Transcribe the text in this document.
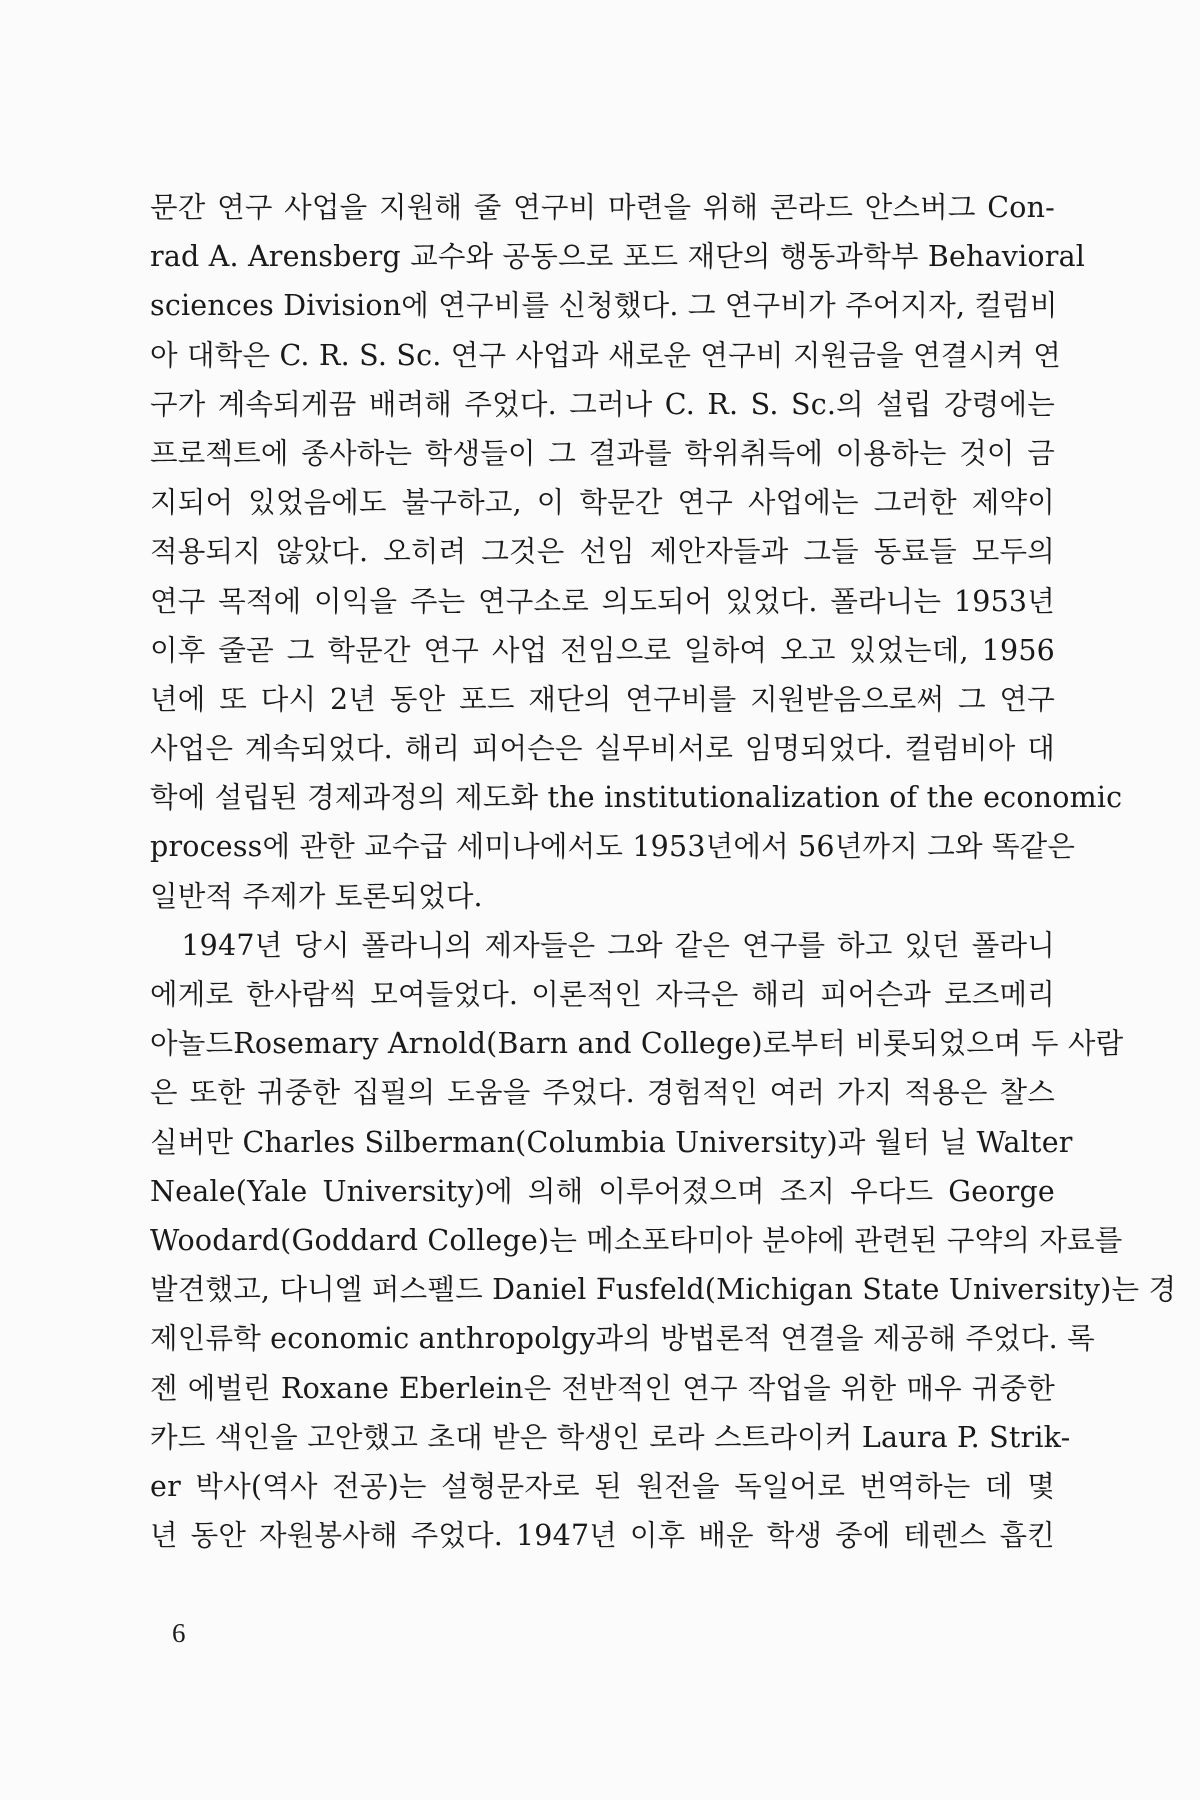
문간 연구 사업을 지원해 줄 연구비 마련을 위해 콘라드 안스버그 Con-
rad A. Arensberg 교수와 공동으로 포드 재단의 행동과학부 Behavioral
sciences Division에 연구비를 신청했다. 그 연구비가 주어지자, 컬럼비
아 대학은 C. R. S. Sc. 연구 사업과 새로운 연구비 지원금을 연결시켜 연
구가 계속되게끔 배려해 주었다. 그러나 C. R. S. Sc.의 설립 강령에는
프로젝트에 종사하는 학생들이 그 결과를 학위취득에 이용하는 것이 금
지되어 있었음에도 불구하고, 이 학문간 연구 사업에는 그러한 제약이
적용되지 않았다. 오히려 그것은 선임 제안자들과 그들 동료들 모두의
연구 목적에 이익을 주는 연구소로 의도되어 있었다. 폴라니는 1953년
이후 줄곧 그 학문간 연구 사업 전임으로 일하여 오고 있었는데, 1956
년에 또 다시 2년 동안 포드 재단의 연구비를 지원받음으로써 그 연구
사업은 계속되었다. 해리 피어슨은 실무비서로 임명되었다. 컬럼비아 대
학에 설립된 경제과정의 제도화 the institutionalization of the economic
process에 관한 교수급 세미나에서도 1953년에서 56년까지 그와 똑같은
일반적 주제가 토론되었다.
　1947년 당시 폴라니의 제자들은 그와 같은 연구를 하고 있던 폴라니
에게로 한사람씩 모여들었다. 이론적인 자극은 해리 피어슨과 로즈메리
아놀드Rosemary Arnold(Barn and College)로부터 비롯되었으며 두 사람
은 또한 귀중한 집필의 도움을 주었다. 경험적인 여러 가지 적용은 찰스
실버만 Charles Silberman(Columbia University)과 월터 닐 Walter
Neale(Yale University)에 의해 이루어졌으며 조지 우다드 George
Woodard(Goddard College)는 메소포타미아 분야에 관련된 구약의 자료를
발견했고, 다니엘 퍼스펠드 Daniel Fusfeld(Michigan State University)는 경
제인류학 economic anthropolgy과의 방법론적 연결을 제공해 주었다. 록
젠 에벌린 Roxane Eberlein은 전반적인 연구 작업을 위한 매우 귀중한
카드 색인을 고안했고 초대 받은 학생인 로라 스트라이커 Laura P. Strik-
er 박사(역사 전공)는 설형문자로 된 원전을 독일어로 번역하는 데 몇
년 동안 자원봉사해 주었다. 1947년 이후 배운 학생 중에 테렌스 흡킨
6
